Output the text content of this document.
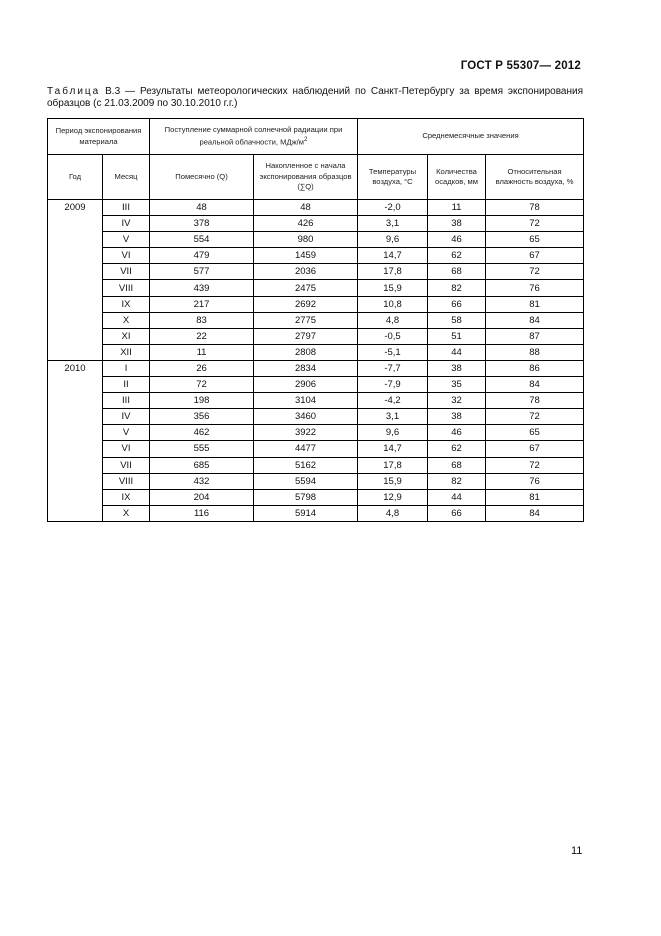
ГОСТ Р 55307— 2012
Таблица В.3 — Результаты метеорологических наблюдений по Санкт-Петербургу за время экспонирования образцов (с 21.03.2009 по 30.10.2010 г.г.)
Период экспонирования материала		Поступление суммарной солнечной радиации при реальной облачности, МДж/$м^2$		Среднемесячные значения		
Год	Месяц	Помесячно (Q)	Накопленное с начала экспонирования образцов (∑Q)	Температуры воздуха, °С	Количества осадков, мм	Относительная влажность воздуха, %
2009	III	48	48	-2,0	11	78
	IV	378	426	3,1	38	72
	V	554	980	9,6	46	65
	VI	479	1459	14,7	62	67
	VII	577	2036	17,8	68	72
	VIII	439	2475	15,9	82	76
	IX	217	2692	10,8	66	81
	X	83	2775	4,8	58	84
	XI	22	2797	-0,5	51	87
	XII	11	2808	-5,1	44	88
2010	I	26	2834	-7,7	38	86
	II	72	2906	-7,9	35	84
	III	198	3104	-4,2	32	78
	IV	356	3460	3,1	38	72
	V	462	3922	9,6	46	65
	VI	555	4477	14,7	62	67
	VII	685	5162	17,8	68	72
	VIII	432	5594	15,9	82	76
	IX	204	5798	12,9	44	81
	X	116	5914	4,8	66	84
11
